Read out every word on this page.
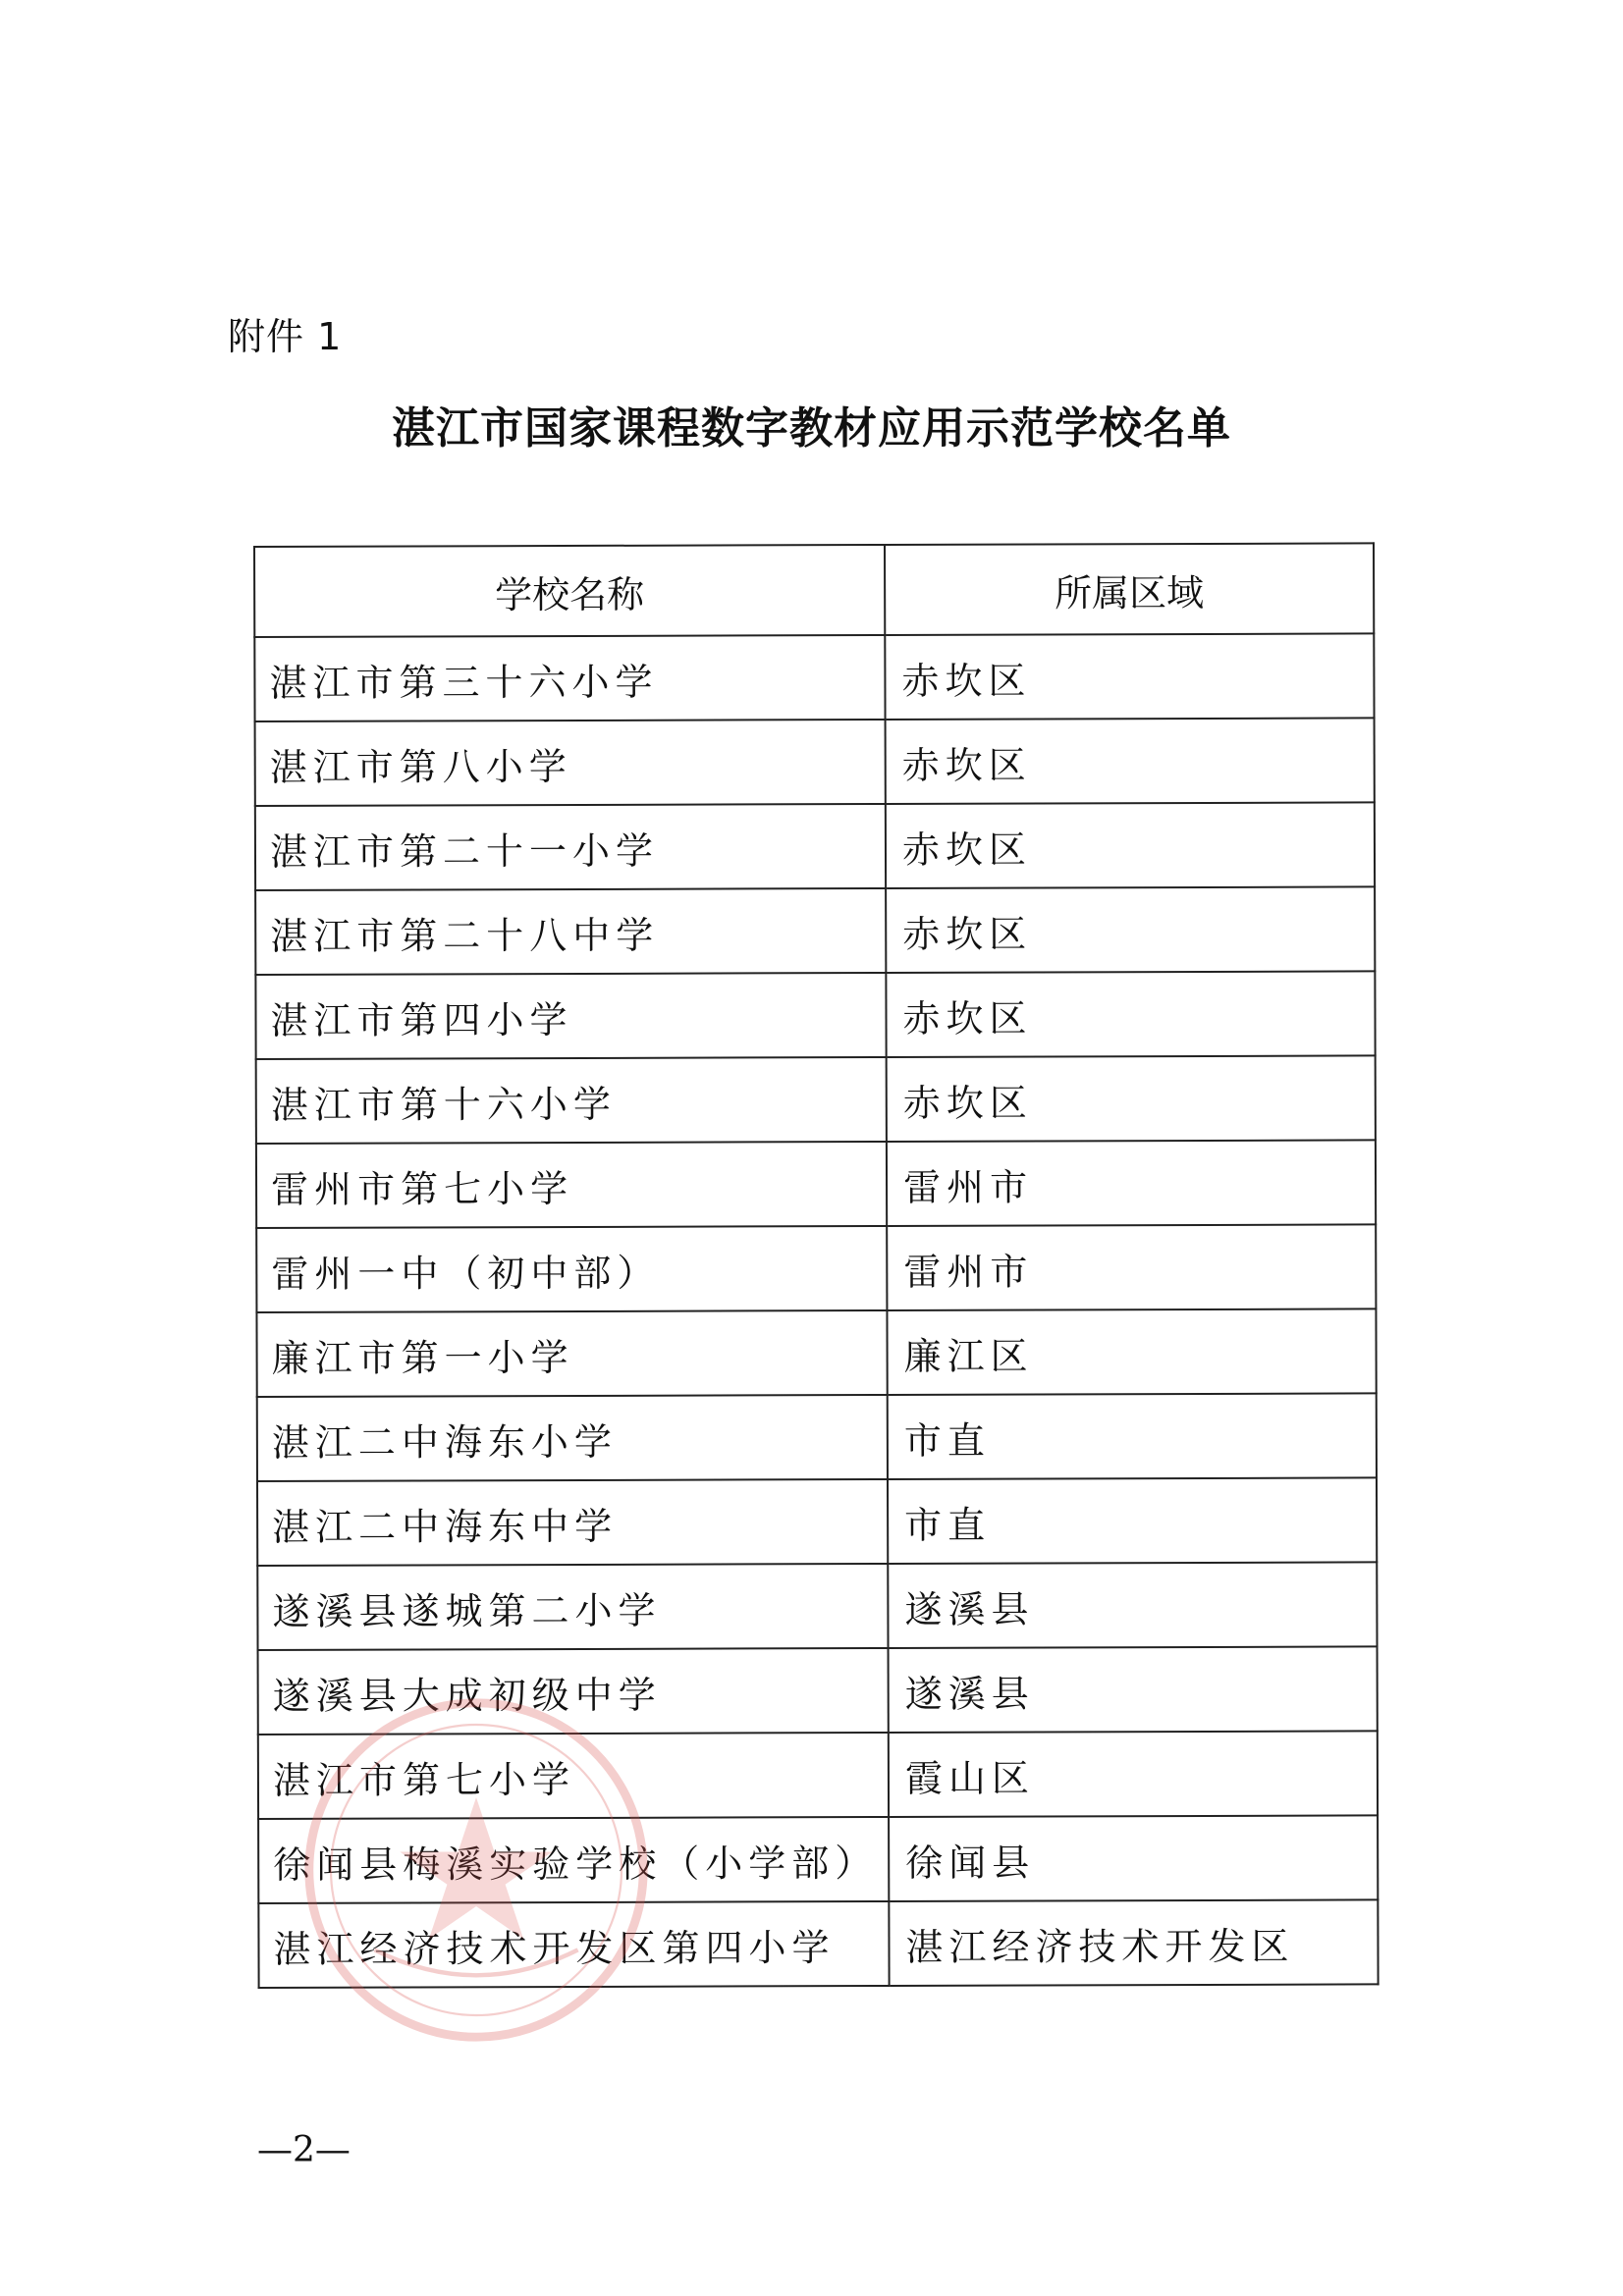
附件 1
湛江市国家课程数字教材应用示范学校名单
学校名称	所属区域
湛江市第三十六小学	赤坎区
湛江市第八小学	赤坎区
湛江市第二十一小学	赤坎区
湛江市第二十八中学	赤坎区
湛江市第四小学	赤坎区
湛江市第十六小学	赤坎区
雷州市第七小学	雷州市
雷州一中（初中部）	雷州市
廉江市第一小学	廉江区
湛江二中海东小学	市直
湛江二中海东中学	市直
遂溪县遂城第二小学	遂溪县
遂溪县大成初级中学	遂溪县
湛江市第七小学	霞山区
徐闻县梅溪实验学校（小学部）	徐闻县
湛江经济技术开发区第四小学	湛江经济技术开发区
—2—
